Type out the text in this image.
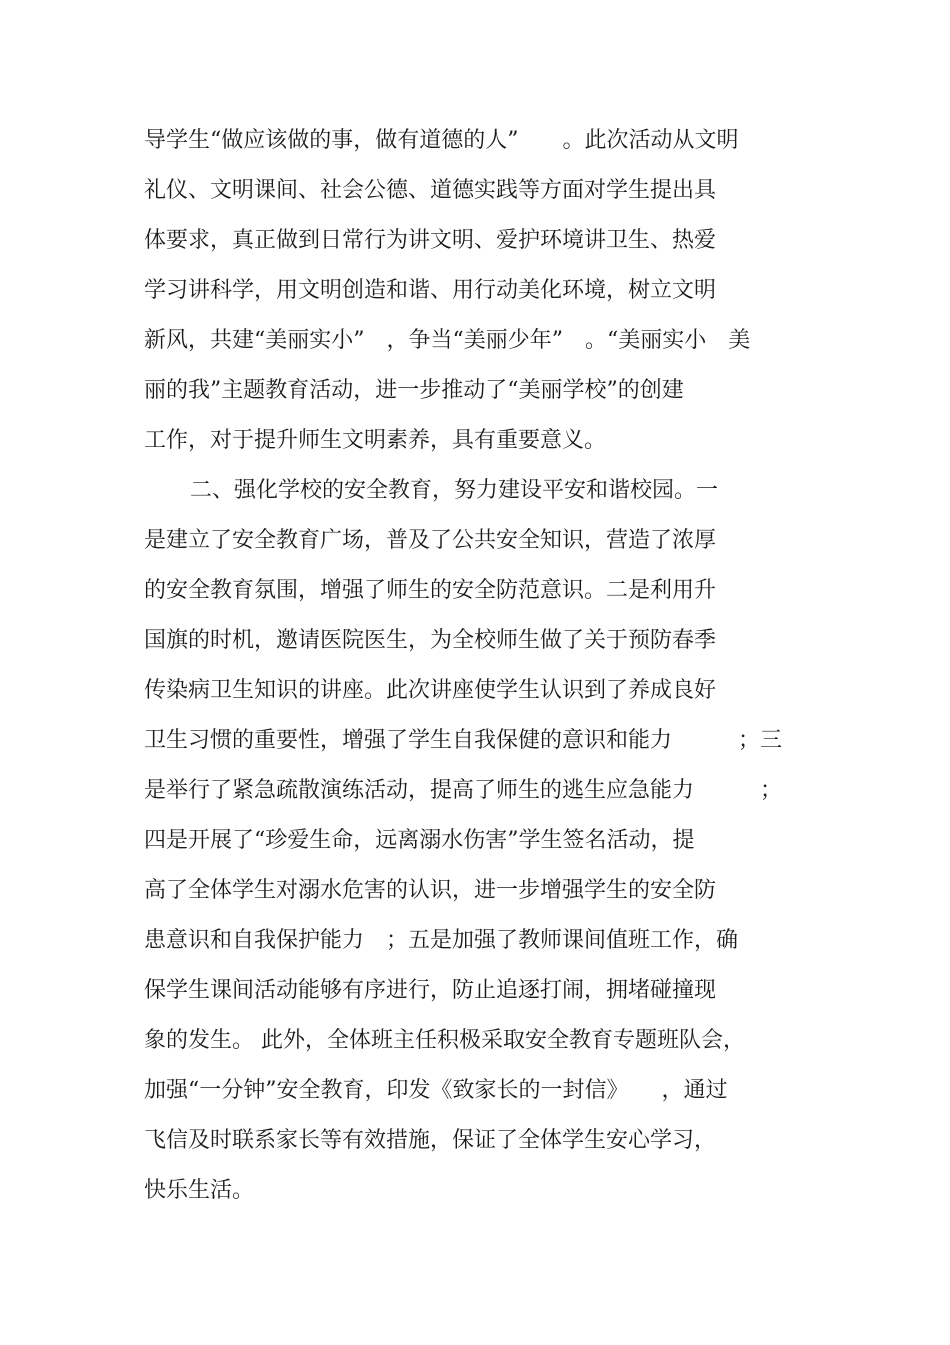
导学生“做应该做的事，做有道德的人”　　。此次活动从文明
礼仪、文明课间、社会公德、道德实践等方面对学生提出具
体要求，真正做到日常行为讲文明、爱护环境讲卫生、热爱
学习讲科学，用文明创造和谐、用行动美化环境，树立文明
新风，共建“美丽实小”　，争当“美丽少年”　。“美丽实小　美
丽的我”主题教育活动，进一步推动了“美丽学校”的创建
工作，对于提升师生文明素养，具有重要意义。
二、强化学校的安全教育，努力建设平安和谐校园。一
是建立了安全教育广场，普及了公共安全知识，营造了浓厚
的安全教育氛围，增强了师生的安全防范意识。二是利用升
国旗的时机，邀请医院医生，为全校师生做了关于预防春季
传染病卫生知识的讲座。此次讲座使学生认识到了养成良好
卫生习惯的重要性，增强了学生自我保健的意识和能力　　　；三
是举行了紧急疏散演练活动，提高了师生的逃生应急能力　　　；
四是开展了“珍爱生命，远离溺水伤害”学生签名活动，提
高了全体学生对溺水危害的认识，进一步增强学生的安全防
患意识和自我保护能力　；五是加强了教师课间值班工作，确
保学生课间活动能够有序进行，防止追逐打闹，拥堵碰撞现
象的发生。 此外，全体班主任积极采取安全教育专题班队会，
加强“一分钟”安全教育，印发《致家长的一封信》　　，通过
飞信及时联系家长等有效措施，保证了全体学生安心学习，
快乐生活。
